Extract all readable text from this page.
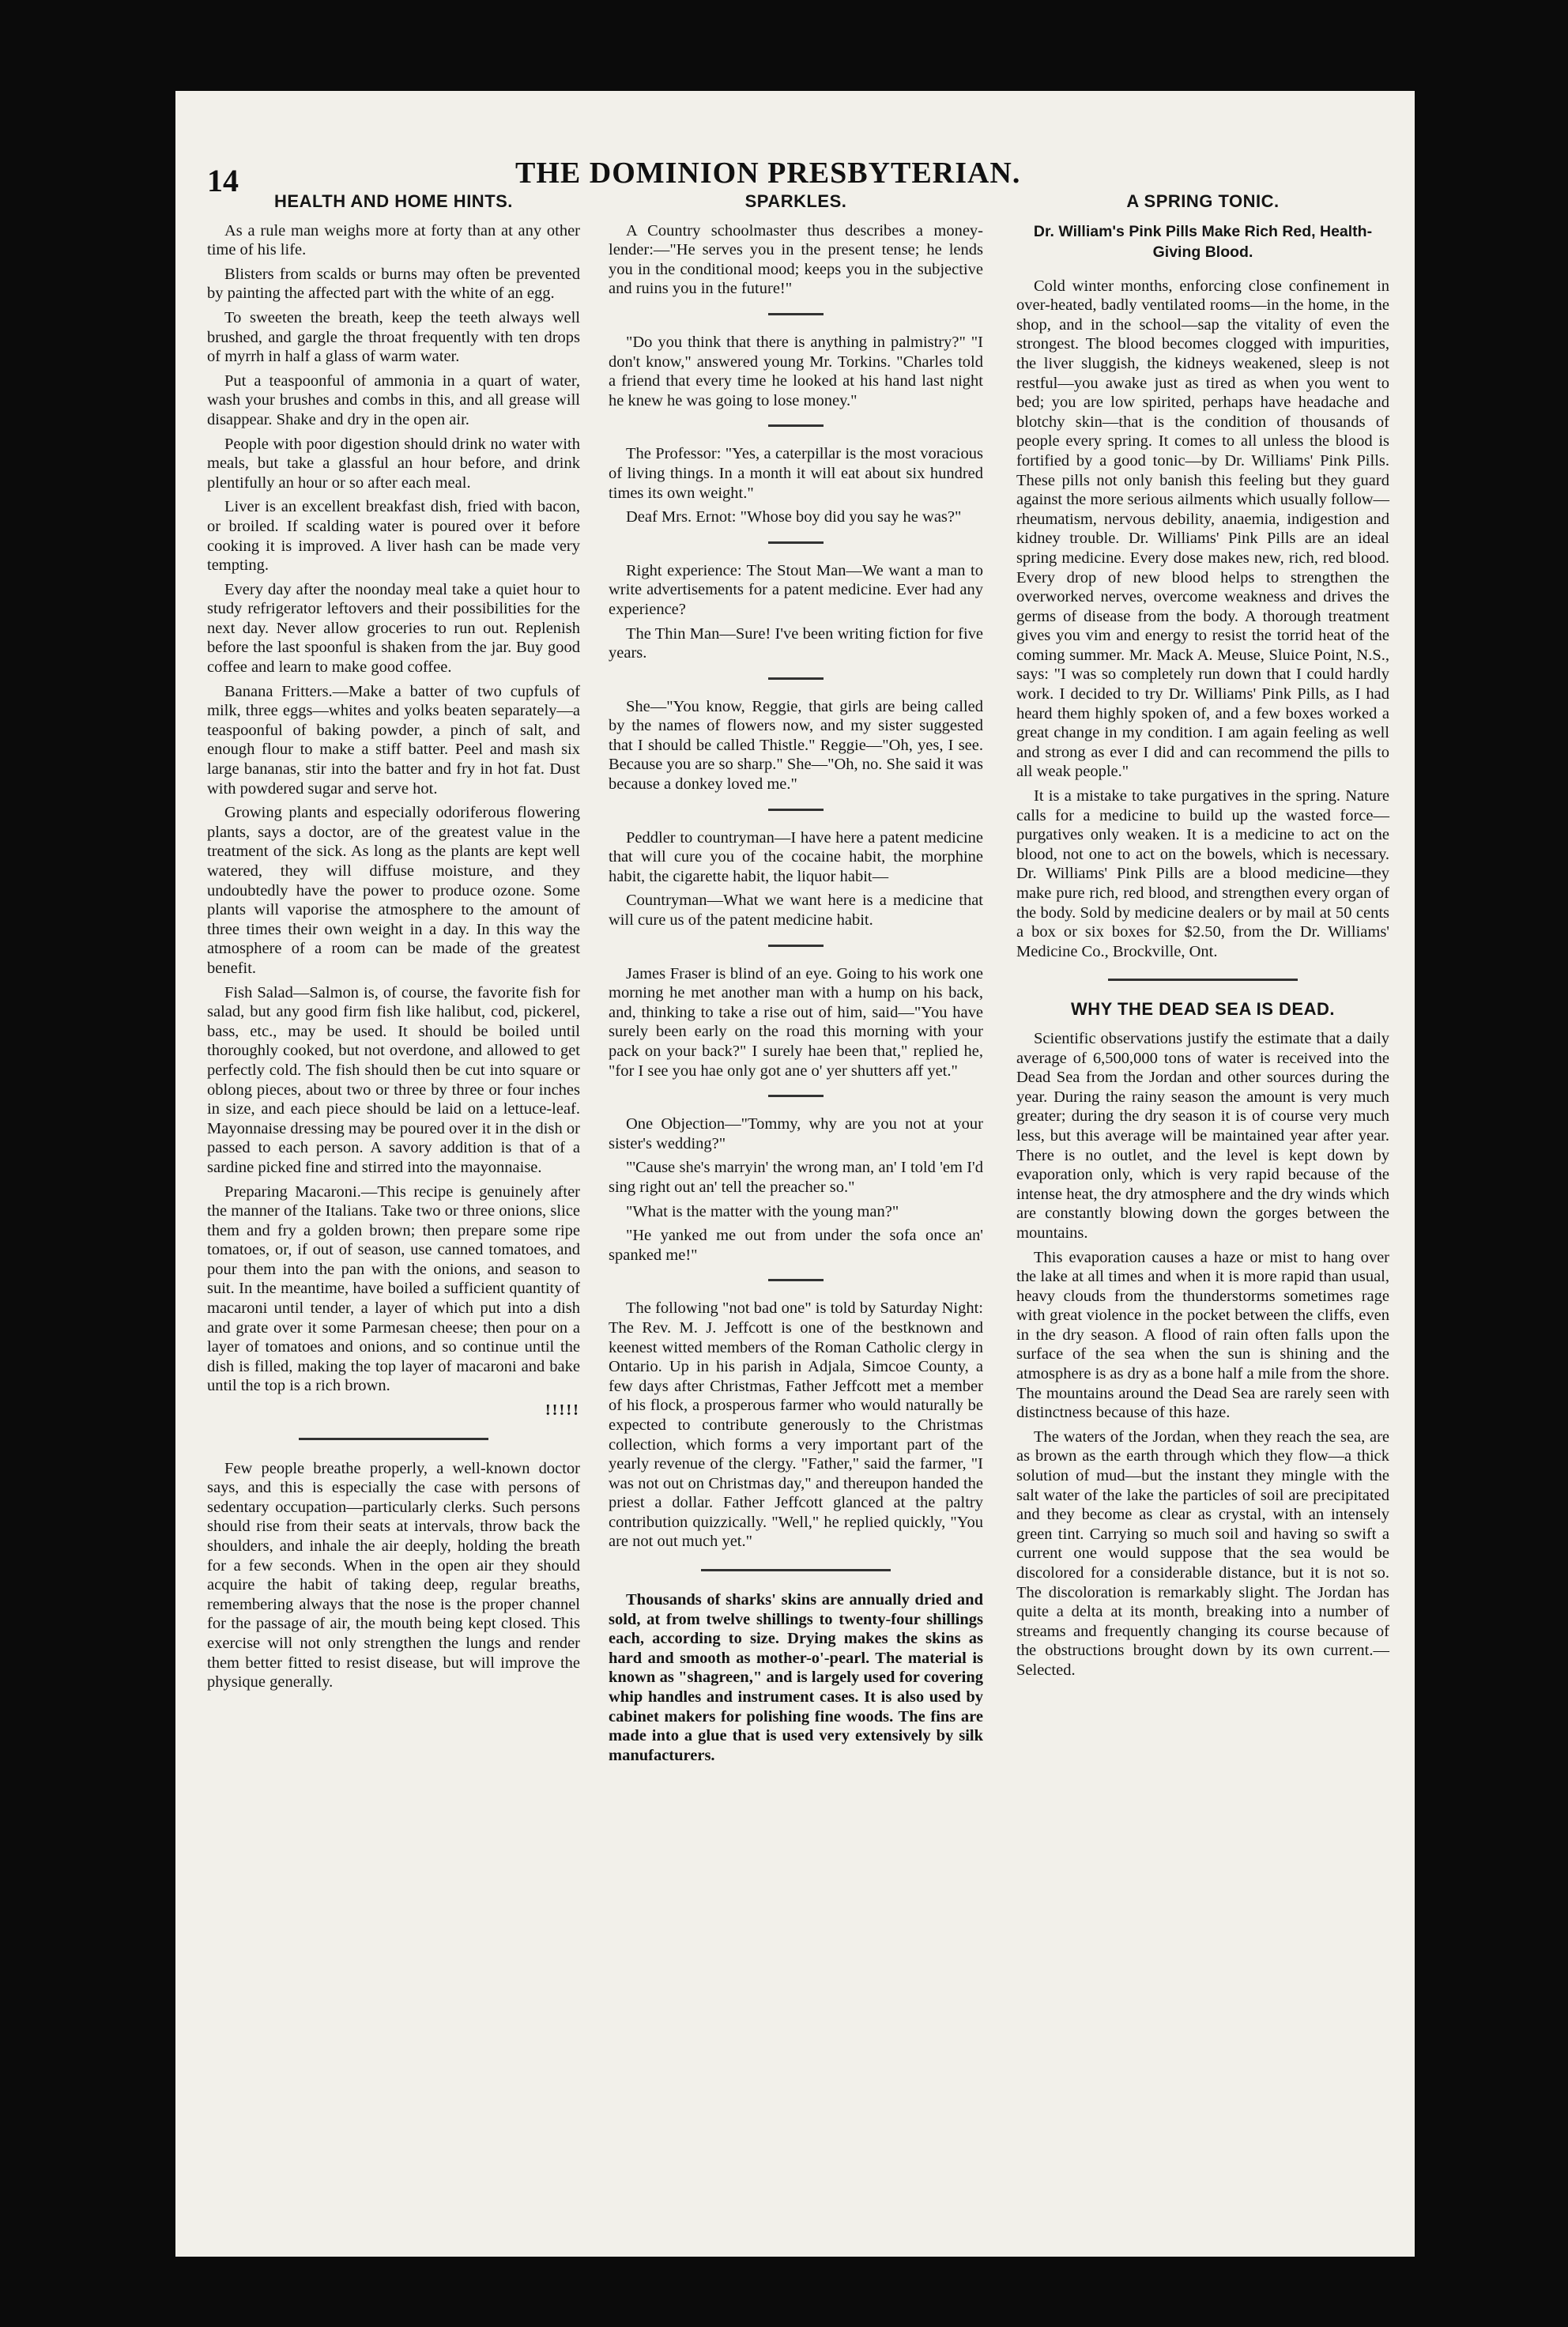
14	THE DOMINION PRESBYTERIAN.
HEALTH AND HOME HINTS.

As a rule man weighs more at forty than at any other time of his life.

Blisters from scalds or burns may often be prevented by painting the affected part with the white of an egg.

To sweeten the breath, keep the teeth always well brushed, and gargle the throat frequently with ten drops of myrrh in half a glass of warm water.

Put a teaspoonful of ammonia in a quart of water, wash your brushes and combs in this, and all grease will disappear. Shake and dry in the open air.

People with poor digestion should drink no water with meals, but take a glassful an hour before, and drink plentifully an hour or so after each meal.

Liver is an excellent breakfast dish, fried with bacon, or broiled. If scalding water is poured over it before cooking it is improved. A liver hash can be made very tempting.

Every day after the noonday meal take a quiet hour to study refrigerator leftovers and their possibilities for the next day. Never allow groceries to run out. Replenish before the last spoonful is shaken from the jar. Buy good coffee and learn to make good coffee.

Banana Fritters.—Make a batter of two cupfuls of milk, three eggs—whites and yolks beaten separately—a teaspoonful of baking powder, a pinch of salt, and enough flour to make a stiff batter. Peel and mash six large bananas, stir into the batter and fry in hot fat. Dust with powdered sugar and serve hot.

Growing plants and especially odoriferous flowering plants, says a doctor, are of the greatest value in the treatment of the sick. As long as the plants are kept well watered, they will diffuse moisture, and they undoubtedly have the power to produce ozone. Some plants will vaporise the atmosphere to the amount of three times their own weight in a day. In this way the atmosphere of a room can be made of the greatest benefit.

Fish Salad—Salmon is, of course, the favorite fish for salad, but any good firm fish like halibut, cod, pickerel, bass, etc., may be used. It should be boiled until thoroughly cooked, but not overdone, and allowed to get perfectly cold. The fish should then be cut into square or oblong pieces, about two or three by three or four inches in size, and each piece should be laid on a lettuce-leaf. Mayonnaise dressing may be poured over it in the dish or passed to each person. A savory addition is that of a sardine picked fine and stirred into the mayonnaise.

Preparing Macaroni.—This recipe is genuinely after the manner of the Italians. Take two or three onions, slice them and fry a golden brown; then prepare some ripe tomatoes, or, if out of season, use canned tomatoes, and pour them into the pan with the onions, and season to suit. In the meantime, have boiled a sufficient quantity of macaroni until tender, a layer of which put into a dish and grate over it some Parmesan cheese; then pour on a layer of tomatoes and onions, and so continue until the dish is filled, making the top layer of macaroni and bake until the top is a rich brown.

!!!!!

Few people breathe properly, a well-known doctor says, and this is especially the case with persons of sedentary occupation—particularly clerks. Such persons should rise from their seats at intervals, throw back the shoulders, and inhale the air deeply, holding the breath for a few seconds. When in the open air they should acquire the habit of taking deep, regular breaths, remembering always that the nose is the proper channel for the passage of air, the mouth being kept closed. This exercise will not only strengthen the lungs and render them better fitted to resist disease, but will improve the physique generally.

SPARKLES.

A Country schoolmaster thus describes a money-lender:—"He serves you in the present tense; he lends you in the conditional mood; keeps you in the subjective and ruins you in the future!"

"Do you think that there is anything in palmistry?" "I don't know," answered young Mr. Torkins. "Charles told a friend that every time he looked at his hand last night he knew he was going to lose money."

The Professor: "Yes, a caterpillar is the most voracious of living things. In a month it will eat about six hundred times its own weight."

Deaf Mrs. Ernot: "Whose boy did you say he was?"

Right experience: The Stout Man—We want a man to write advertisements for a patent medicine. Ever had any experience?

The Thin Man—Sure! I've been writing fiction for five years.

She—"You know, Reggie, that girls are being called by the names of flowers now, and my sister suggested that I should be called Thistle." Reggie—"Oh, yes, I see. Because you are so sharp." She—"Oh, no. She said it was because a donkey loved me."

Peddler to countryman—I have here a patent medicine that will cure you of the cocaine habit, the morphine habit, the cigarette habit, the liquor habit—

Countryman—What we want here is a medicine that will cure us of the patent medicine habit.

James Fraser is blind of an eye. Going to his work one morning he met another man with a hump on his back, and, thinking to take a rise out of him, said—"You have surely been early on the road this morning with your pack on your back?" I surely hae been that," replied he, "for I see you hae only got ane o' yer shutters aff yet."

One Objection—"Tommy, why are you not at your sister's wedding?"

"'Cause she's marryin' the wrong man, an' I told 'em I'd sing right out an' tell the preacher so."

"What is the matter with the young man?"

"He yanked me out from under the sofa once an' spanked me!"

The following "not bad one" is told by Saturday Night: The Rev. M. J. Jeffcott is one of the bestknown and keenest witted members of the Roman Catholic clergy in Ontario. Up in his parish in Adjala, Simcoe County, a few days after Christmas, Father Jeffcott met a member of his flock, a prosperous farmer who would naturally be expected to contribute generously to the Christmas collection, which forms a very important part of the yearly revenue of the clergy. "Father," said the farmer, "I was not out on Christmas day," and thereupon handed the priest a dollar. Father Jeffcott glanced at the paltry contribution quizzically. "Well," he replied quickly, "You are not out much yet."

Thousands of sharks' skins are annually dried and sold, at from twelve shillings to twenty-four shillings each, according to size. Drying makes the skins as hard and smooth as mother-o'-pearl. The material is known as "shagreen," and is largely used for covering whip handles and instrument cases. It is also used by cabinet makers for polishing fine woods. The fins are made into a glue that is used very extensively by silk manufacturers.

A SPRING TONIC.
Dr. William's Pink Pills Make Rich Red, Health-Giving Blood.

Cold winter months, enforcing close confinement in over-heated, badly ventilated rooms—in the home, in the shop, and in the school—sap the vitality of even the strongest. The blood becomes clogged with impurities, the liver sluggish, the kidneys weakened, sleep is not restful—you awake just as tired as when you went to bed; you are low spirited, perhaps have headache and blotchy skin—that is the condition of thousands of people every spring. It comes to all unless the blood is fortified by a good tonic—by Dr. Williams' Pink Pills. These pills not only banish this feeling but they guard against the more serious ailments which usually follow—rheumatism, nervous debility, anaemia, indigestion and kidney trouble. Dr. Williams' Pink Pills are an ideal spring medicine. Every dose makes new, rich, red blood. Every drop of new blood helps to strengthen the overworked nerves, overcome weakness and drives the germs of disease from the body. A thorough treatment gives you vim and energy to resist the torrid heat of the coming summer. Mr. Mack A. Meuse, Sluice Point, N.S., says: "I was so completely run down that I could hardly work. I decided to try Dr. Williams' Pink Pills, as I had heard them highly spoken of, and a few boxes worked a great change in my condition. I am again feeling as well and strong as ever I did and can recommend the pills to all weak people."

It is a mistake to take purgatives in the spring. Nature calls for a medicine to build up the wasted force—purgatives only weaken. It is a medicine to act on the blood, not one to act on the bowels, which is necessary. Dr. Williams' Pink Pills are a blood medicine—they make pure rich, red blood, and strengthen every organ of the body. Sold by medicine dealers or by mail at 50 cents a box or six boxes for $2.50, from the Dr. Williams' Medicine Co., Brockville, Ont.

WHY THE DEAD SEA IS DEAD.

Scientific observations justify the estimate that a daily average of 6,500,000 tons of water is received into the Dead Sea from the Jordan and other sources during the year. During the rainy season the amount is very much greater; during the dry season it is of course very much less, but this average will be maintained year after year. There is no outlet, and the level is kept down by evaporation only, which is very rapid because of the intense heat, the dry atmosphere and the dry winds which are constantly blowing down the gorges between the mountains.

This evaporation causes a haze or mist to hang over the lake at all times and when it is more rapid than usual, heavy clouds from the thunderstorms sometimes rage with great violence in the pocket between the cliffs, even in the dry season. A flood of rain often falls upon the surface of the sea when the sun is shining and the atmosphere is as dry as a bone half a mile from the shore. The mountains around the Dead Sea are rarely seen with distinctness because of this haze.

The waters of the Jordan, when they reach the sea, are as brown as the earth through which they flow—a thick solution of mud—but the instant they mingle with the salt water of the lake the particles of soil are precipitated and they become as clear as crystal, with an intensely green tint. Carrying so much soil and having so swift a current one would suppose that the sea would be discolored for a considerable distance, but it is not so. The discoloration is remarkably slight. The Jordan has quite a delta at its month, breaking into a number of streams and frequently changing its course because of the obstructions brought down by its own current.—Selected.
